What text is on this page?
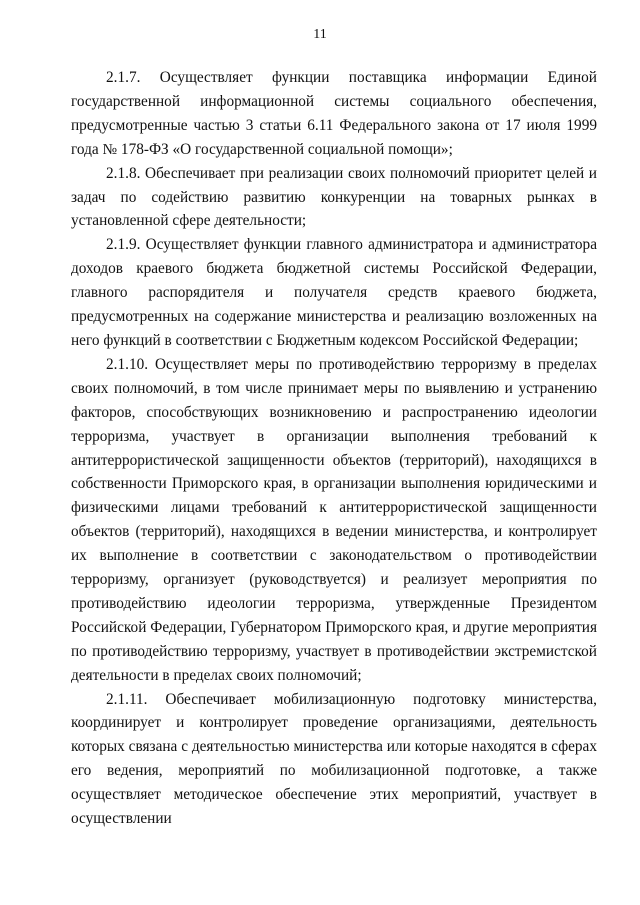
11

2.1.7. Осуществляет функции поставщика информации Единой государственной информационной системы социального обеспечения, предусмотренные частью 3 статьи 6.11 Федерального закона от 17 июля 1999 года № 178-ФЗ «О государственной социальной помощи»;

2.1.8. Обеспечивает при реализации своих полномочий приоритет целей и задач по содействию развитию конкуренции на товарных рынках в установленной сфере деятельности;

2.1.9. Осуществляет функции главного администратора и администратора доходов краевого бюджета бюджетной системы Российской Федерации, главного распорядителя и получателя средств краевого бюджета, предусмотренных на содержание министерства и реализацию возложенных на него функций в соответствии с Бюджетным кодексом Российской Федерации;

2.1.10. Осуществляет меры по противодействию терроризму в пределах своих полномочий, в том числе принимает меры по выявлению и устранению факторов, способствующих возникновению и распространению идеологии терроризма, участвует в организации выполнения требований к антитеррористической защищенности объектов (территорий), находящихся в собственности Приморского края, в организации выполнения юридическими и физическими лицами требований к антитеррористической защищенности объектов (территорий), находящихся в ведении министерства, и контролирует их выполнение в соответствии с законодательством о противодействии терроризму, организует (руководствуется) и реализует мероприятия по противодействию идеологии терроризма, утвержденные Президентом Российской Федерации, Губернатором Приморского края, и другие мероприятия по противодействию терроризму, участвует в противодействии экстремистской деятельности в пределах своих полномочий;

2.1.11. Обеспечивает мобилизационную подготовку министерства, координирует и контролирует проведение организациями, деятельность которых связана с деятельностью министерства или которые находятся в сферах его ведения, мероприятий по мобилизационной подготовке, а также осуществляет методическое обеспечение этих мероприятий, участвует в осуществлении
